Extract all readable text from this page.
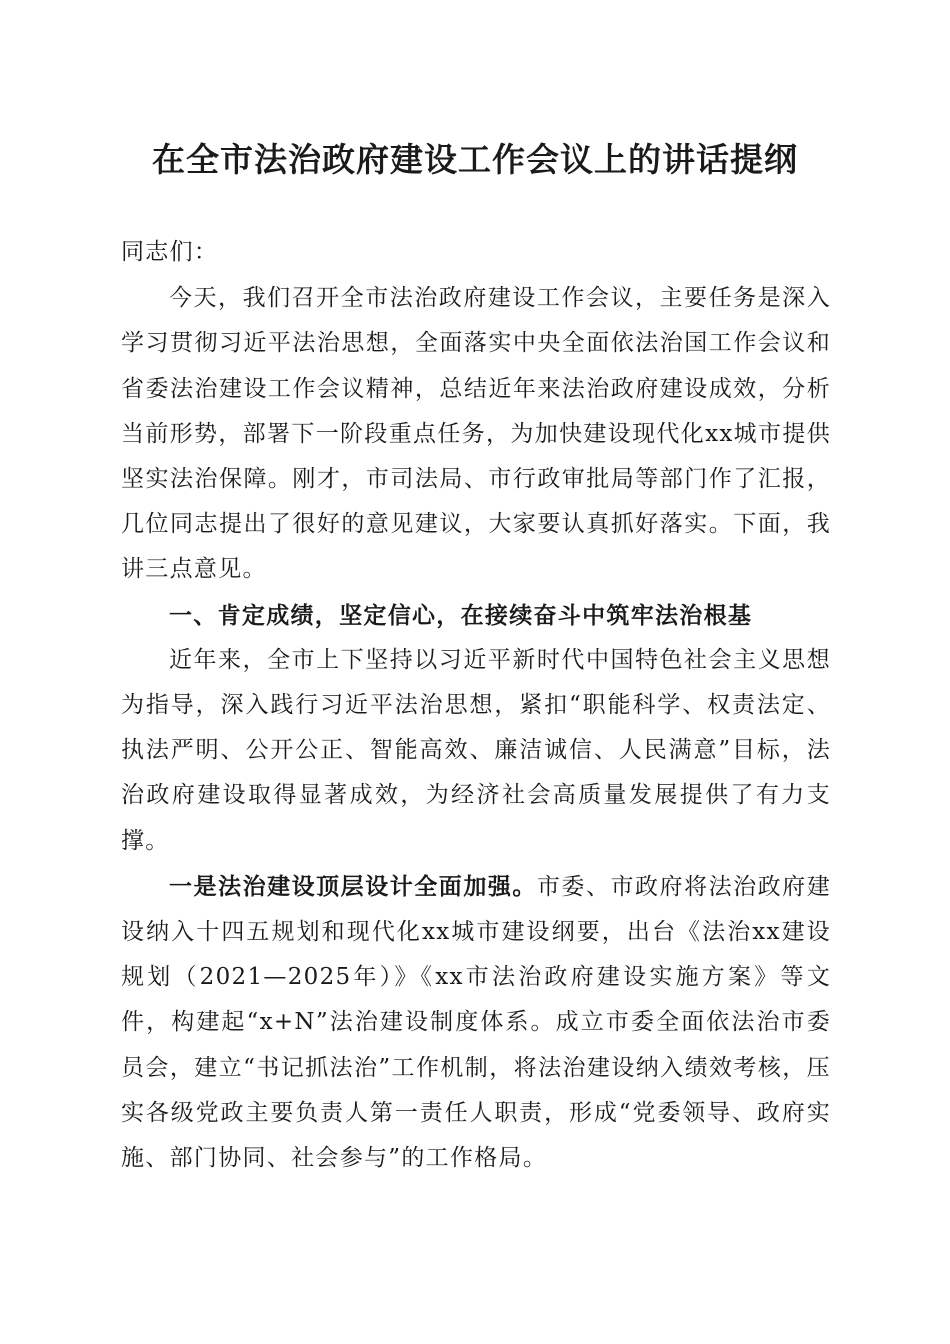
在全市法治政府建设工作会议上的讲话提纲

同志们：

今天，我们召开全市法治政府建设工作会议，主要任务是深入学习贯彻习近平法治思想，全面落实中央全面依法治国工作会议和省委法治建设工作会议精神，总结近年来法治政府建设成效，分析当前形势，部署下一阶段重点任务，为加快建设现代化xx城市提供坚实法治保障。刚才，市司法局、市行政审批局等部门作了汇报，几位同志提出了很好的意见建议，大家要认真抓好落实。下面，我讲三点意见。

一、肯定成绩，坚定信心，在接续奋斗中筑牢法治根基

近年来，全市上下坚持以习近平新时代中国特色社会主义思想为指导，深入践行习近平法治思想，紧扣“职能科学、权责法定、执法严明、公开公正、智能高效、廉洁诚信、人民满意”目标，法治政府建设取得显著成效，为经济社会高质量发展提供了有力支撑。

一是法治建设顶层设计全面加强。市委、市政府将法治政府建设纳入十四五规划和现代化xx城市建设纲要，出台《法治xx建设规划（2021—2025年）》《xx市法治政府建设实施方案》等文件，构建起“x+N”法治建设制度体系。成立市委全面依法治市委员会，建立“书记抓法治”工作机制，将法治建设纳入绩效考核，压实各级党政主要负责人第一责任人职责，形成“党委领导、政府实施、部门协同、社会参与”的工作格局。
